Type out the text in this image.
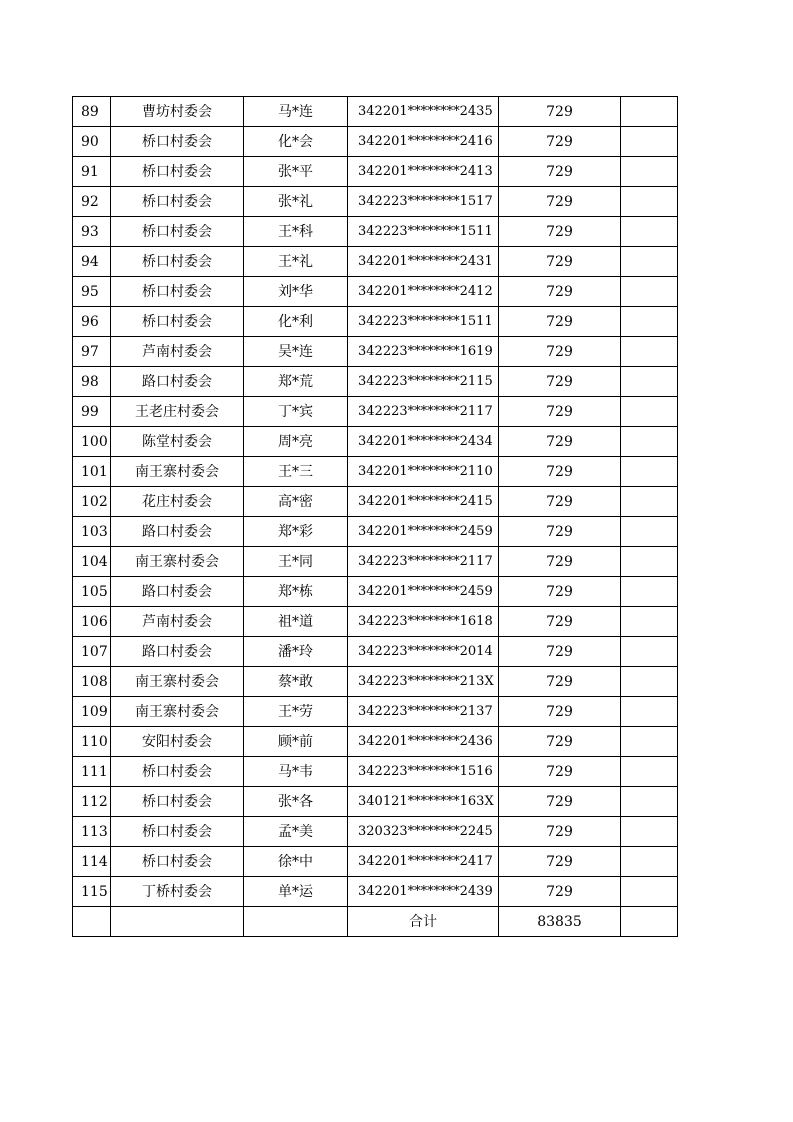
89	曹坊村委会	马*连	342201********2435	729	
90	桥口村委会	化*会	342201********2416	729	
91	桥口村委会	张*平	342201********2413	729	
92	桥口村委会	张*礼	342223********1517	729	
93	桥口村委会	王*科	342223********1511	729	
94	桥口村委会	王*礼	342201********2431	729	
95	桥口村委会	刘*华	342201********2412	729	
96	桥口村委会	化*利	342223********1511	729	
97	芦南村委会	吴*连	342223********1619	729	
98	路口村委会	郑*荒	342223********2115	729	
99	王老庄村委会	丁*宾	342223********2117	729	
100	陈堂村委会	周*亮	342201********2434	729	
101	南王寨村委会	王*三	342201********2110	729	
102	花庄村委会	高*密	342201********2415	729	
103	路口村委会	郑*彩	342201********2459	729	
104	南王寨村委会	王*同	342223********2117	729	
105	路口村委会	郑*栋	342201********2459	729	
106	芦南村委会	祖*道	342223********1618	729	
107	路口村委会	潘*玲	342223********2014	729	
108	南王寨村委会	蔡*敢	342223********213X	729	
109	南王寨村委会	王*劳	342223********2137	729	
110	安阳村委会	顾*前	342201********2436	729	
111	桥口村委会	马*韦	342223********1516	729	
112	桥口村委会	张*各	340121********163X	729	
113	桥口村委会	孟*美	320323********2245	729	
114	桥口村委会	徐*中	342201********2417	729	
115	丁桥村委会	单*运	342201********2439	729	
			合计	83835	
